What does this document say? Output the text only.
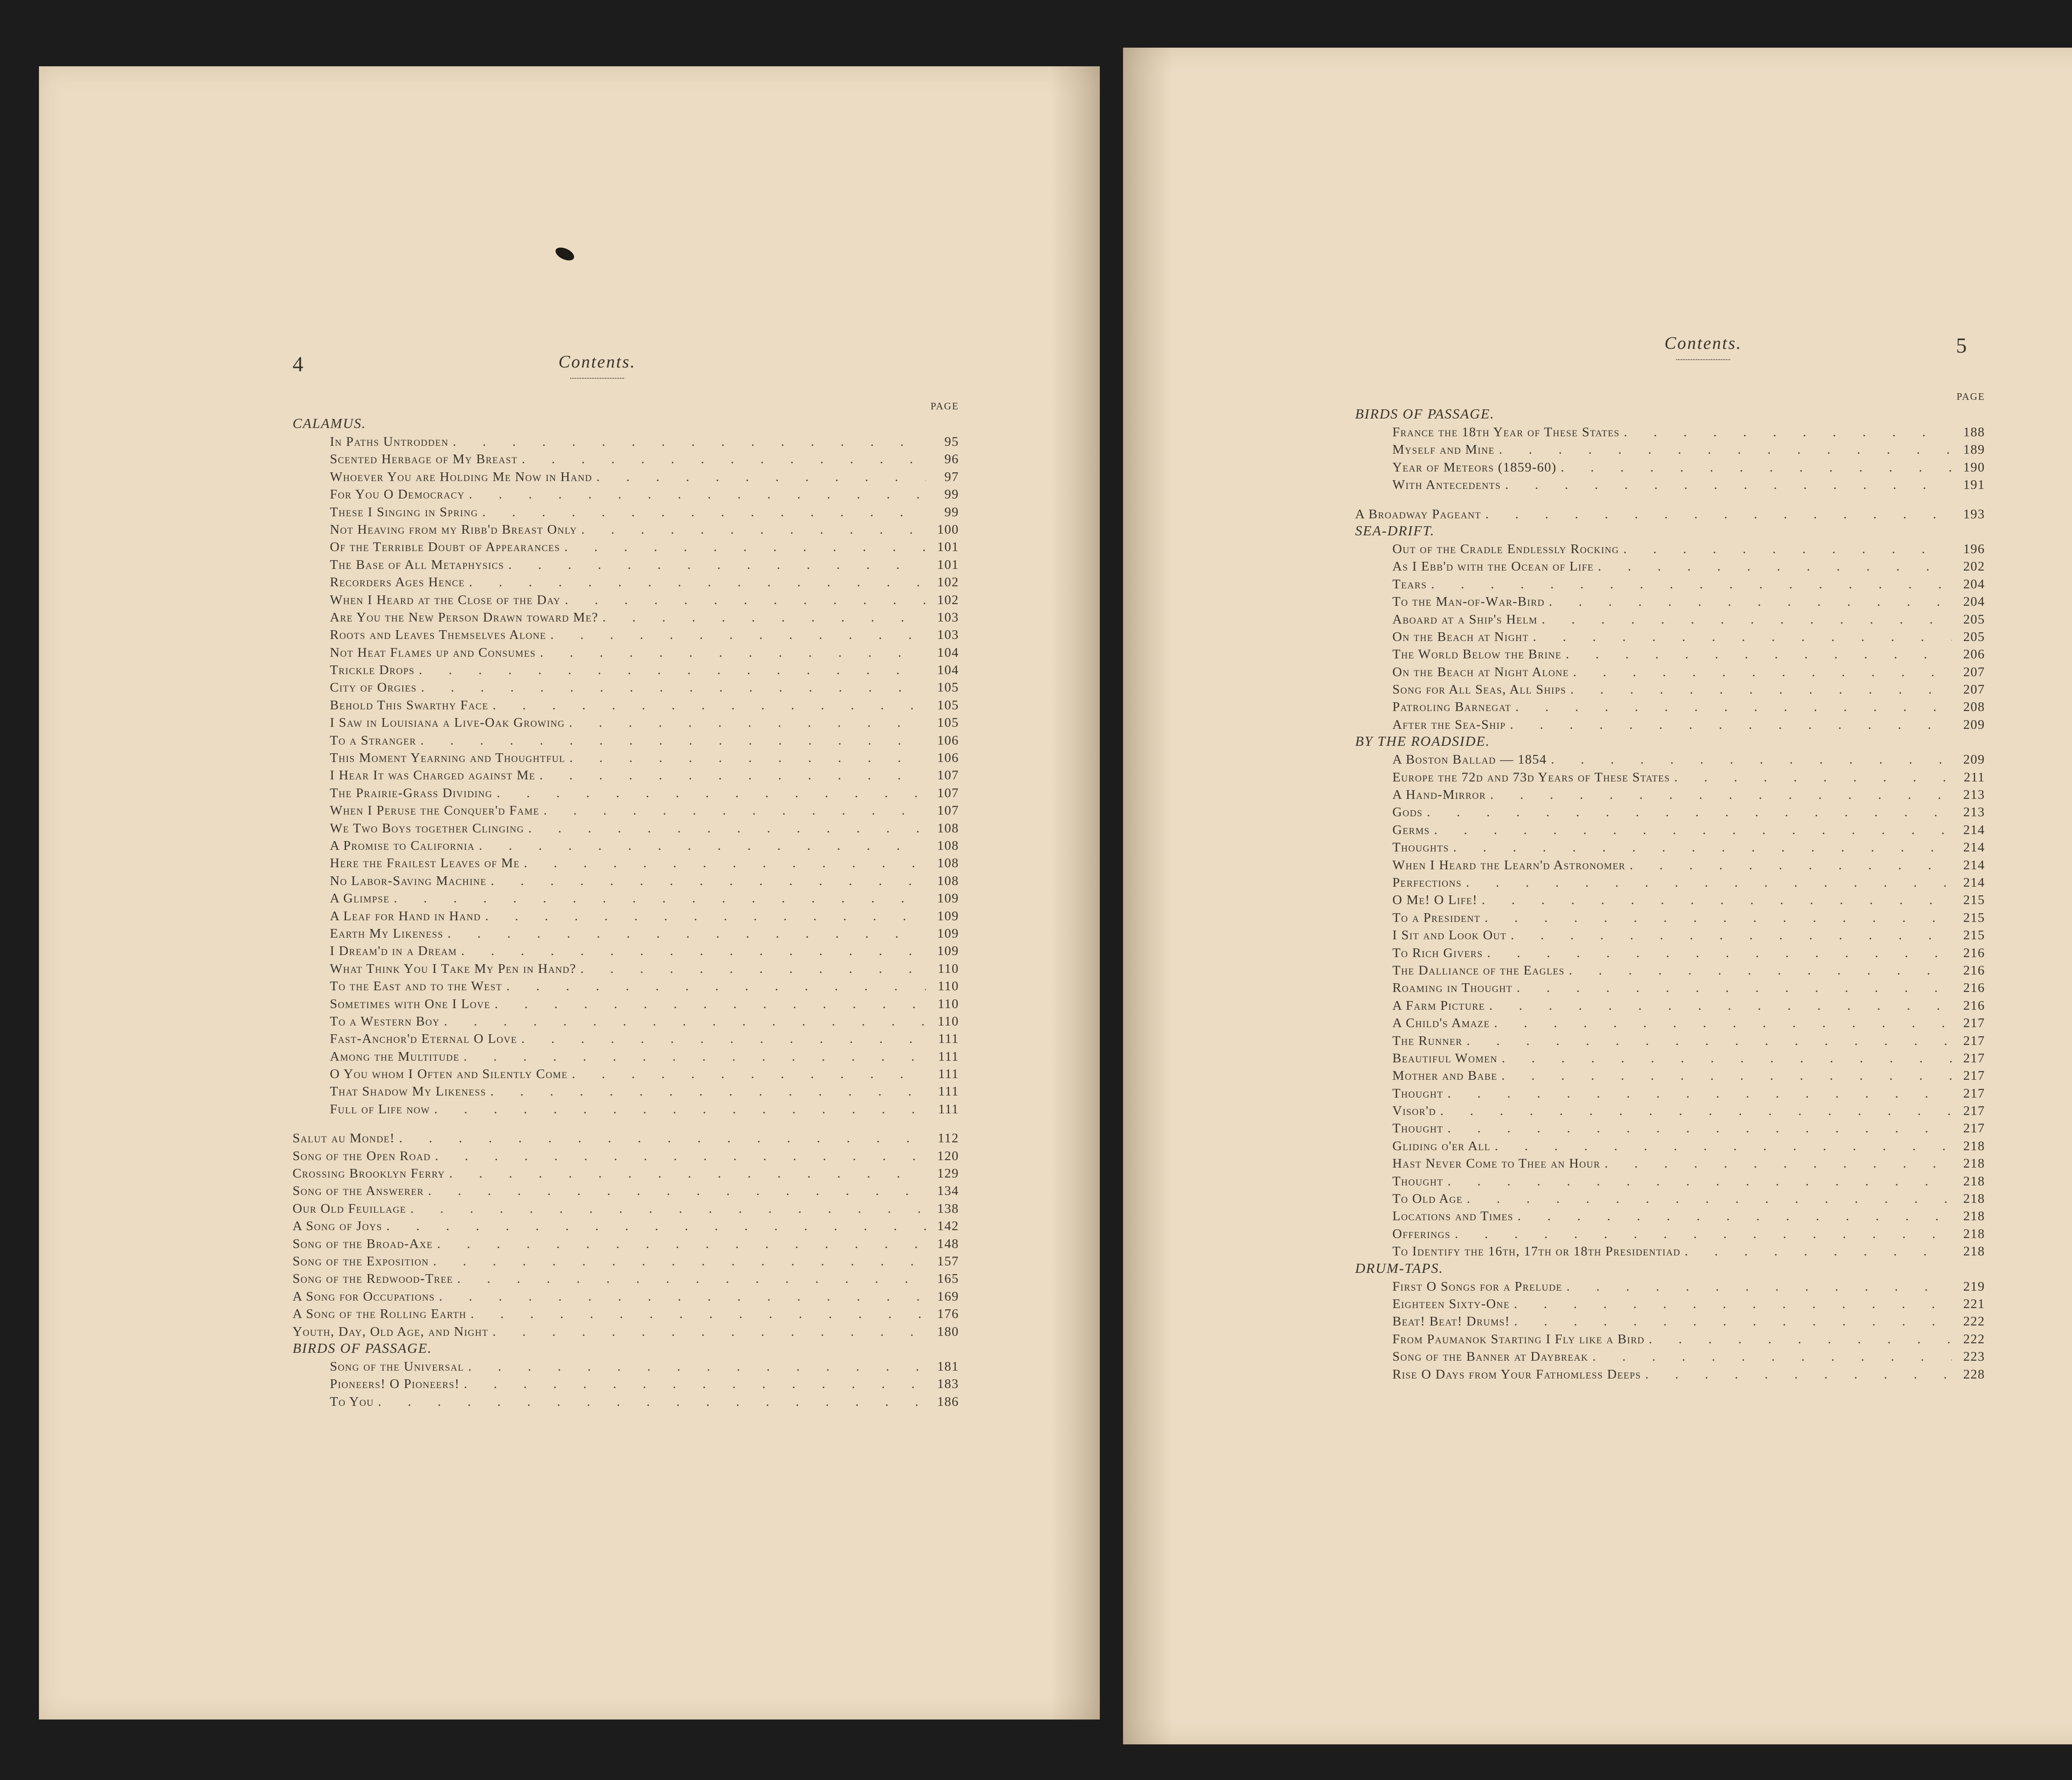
4	Contents.
PAGE
CALAMUS.
In Paths Untrodden . . .	95
Scented Herbage of My Breast . . .	96
Whoever You are Holding Me Now in Hand . . .	97
For You O Democracy . . .	99
These I Singing in Spring . . .	99
Not Heaving from my Ribb'd Breast Only . . .	100
Of the Terrible Doubt of Appearances . . .	101
The Base of All Metaphysics . . .	101
Recorders Ages Hence . . .	102
When I Heard at the Close of the Day . . .	102
Are You the New Person Drawn toward Me? . . .	103
Roots and Leaves Themselves Alone . . .	103
Not Heat Flames up and Consumes . . .	104
Trickle Drops . . .	104
City of Orgies . . .	105
Behold This Swarthy Face . . .	105
I Saw in Louisiana a Live-Oak Growing . . .	105
To a Stranger . . .	106
This Moment Yearning and Thoughtful . . .	106
I Hear It was Charged against Me . . .	107
The Prairie-Grass Dividing . . .	107
When I Peruse the Conquer'd Fame . . .	107
We Two Boys together Clinging . . .	108
A Promise to California . . .	108
Here the Frailest Leaves of Me . . .	108
No Labor-Saving Machine . . .	108
A Glimpse . . .	109
A Leaf for Hand in Hand . . .	109
Earth My Likeness . . .	109
I Dream'd in a Dream . . .	109
What Think You I Take My Pen in Hand? . . .	110
To the East and to the West . . .	110
Sometimes with One I Love . . .	110
To a Western Boy . . .	110
Fast-Anchor'd Eternal O Love . . .	111
Among the Multitude . . .	111
O You whom I Often and Silently Come . . .	111
That Shadow My Likeness . . .	111
Full of Life now . . .	111
Salut au Monde! . . .	112
Song of the Open Road . . .	120
Crossing Brooklyn Ferry . . .	129
Song of the Answerer . . .	134
Our Old Feuillage . . .	138
A Song of Joys . . .	142
Song of the Broad-Axe . . .	148
Song of the Exposition . . .	157
Song of the Redwood-Tree . . .	165
A Song for Occupations . . .	169
A Song of the Rolling Earth . . .	176
Youth, Day, Old Age, and Night . . .	180
BIRDS OF PASSAGE.
Song of the Universal . . .	181
Pioneers! O Pioneers! . . .	183
To You . . .	186
Contents.	5
PAGE
BIRDS OF PASSAGE.
France the 18th Year of These States . . .	188
Myself and Mine . . .	189
Year of Meteors (1859-60) . . .	190
With Antecedents . . .	191
A Broadway Pageant . . .	193
SEA-DRIFT.
Out of the Cradle Endlessly Rocking . . .	196
As I Ebb'd with the Ocean of Life . . .	202
Tears . . .	204
To the Man-of-War-Bird . . .	204
Aboard at a Ship's Helm . . .	205
On the Beach at Night . . .	205
The World Below the Brine . . .	206
On the Beach at Night Alone . . .	207
Song for All Seas, All Ships . . .	207
Patroling Barnegat . . .	208
After the Sea-Ship . . .	209
BY THE ROADSIDE.
A Boston Ballad — 1854 . . .	209
Europe the 72d and 73d Years of These States . . .	211
A Hand-Mirror . . .	213
Gods . . .	213
Germs . . .	214
Thoughts . . .	214
When I Heard the Learn'd Astronomer . . .	214
Perfections . . .	214
O Me! O Life! . . .	215
To a President . . .	215
I Sit and Look Out . . .	215
To Rich Givers . . .	216
The Dalliance of the Eagles . . .	216
Roaming in Thought . . .	216
A Farm Picture . . .	216
A Child's Amaze . . .	217
The Runner . . .	217
Beautiful Women . . .	217
Mother and Babe . . .	217
Thought . . .	217
Visor'd . . .	217
Thought . . .	217
Gliding o'er All . . .	218
Hast Never Come to Thee an Hour . . .	218
Thought . . .	218
To Old Age . . .	218
Locations and Times . . .	218
Offerings . . .	218
To Identify the 16th, 17th or 18th Presidentiad . . .	218
DRUM-TAPS.
First O Songs for a Prelude . . .	219
Eighteen Sixty-One . . .	221
Beat! Beat! Drums! . . .	222
From Paumanok Starting I Fly like a Bird . . .	222
Song of the Banner at Daybreak . . .	223
Rise O Days from Your Fathomless Deeps . . .	228
